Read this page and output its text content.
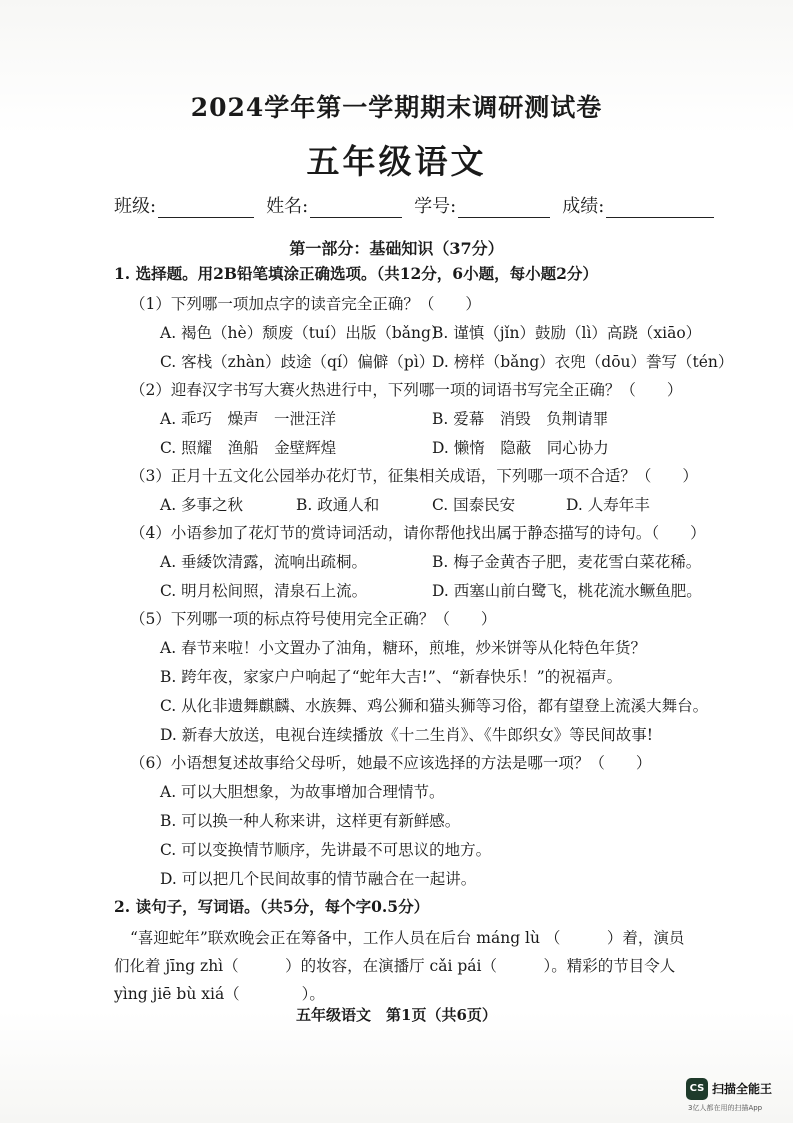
2024学年第一学期期末调研测试卷
五年级语文
班级:	姓名:	学号:	成绩:
第一部分：基础知识（37分）
1. 选择题。用2B铅笔填涂正确选项。（共12分，6小题，每小题2分）
（1）下列哪一项加点字的读音完全正确？（　　）
A. 褐色（hè）颓废（tuí）出版（bǎng）
B. 谨慎（jǐn）鼓励（lì）高跷（xiāo）
C. 客栈（zhàn）歧途（qí）偏僻（pì）
D. 榜样（bǎng）衣兜（dōu）誊写（tén）
（2）迎春汉字书写大赛火热进行中，下列哪一项的词语书写完全正确？（　　）
A. 乖巧　燥声　一泄汪洋	B. 爱幕　消毁　负荆请罪
C. 照耀　渔船　金壁辉煌	D. 懒惰　隐蔽　同心协力
（3）正月十五文化公园举办花灯节，征集相关成语，下列哪一项不合适？（　　）
A. 多事之秋	B. 政通人和	C. 国泰民安	D. 人寿年丰
（4）小语参加了花灯节的赏诗词活动，请你帮他找出属于静态描写的诗句。（　　）
A. 垂緌饮清露，流响出疏桐。	B. 梅子金黄杏子肥，麦花雪白菜花稀。
C. 明月松间照，清泉石上流。	D. 西塞山前白鹭飞，桃花流水鳜鱼肥。
（5）下列哪一项的标点符号使用完全正确？（　　）
A. 春节来啦！小文置办了油角，糖环，煎堆，炒米饼等从化特色年货？
B. 跨年夜，家家户户响起了“蛇年大吉!”、“新春快乐！”的祝福声。
C. 从化非遗舞麒麟、水族舞、鸡公狮和猫头狮等习俗，都有望登上流溪大舞台。
D. 新春大放送，电视台连续播放《十二生肖》、《牛郎织女》等民间故事!
（6）小语想复述故事给父母听，她最不应该选择的方法是哪一项？（　　）
A. 可以大胆想象，为故事增加合理情节。
B. 可以换一种人称来讲，这样更有新鲜感。
C. 可以变换情节顺序，先讲最不可思议的地方。
D. 可以把几个民间故事的情节融合在一起讲。
2. 读句子，写词语。（共5分，每个字0.5分）
“喜迎蛇年”联欢晚会正在筹备中，工作人员在后台 máng lù （　　　）着，演员
们化着 jīng zhì（　　　）的妆容，在演播厅 cǎi pái（　　　）。精彩的节目令人
yìng jiē bù xiá（　　　　）。
五年级语文　第1页（共6页）
CS 扫描全能王
3亿人都在用的扫描App
